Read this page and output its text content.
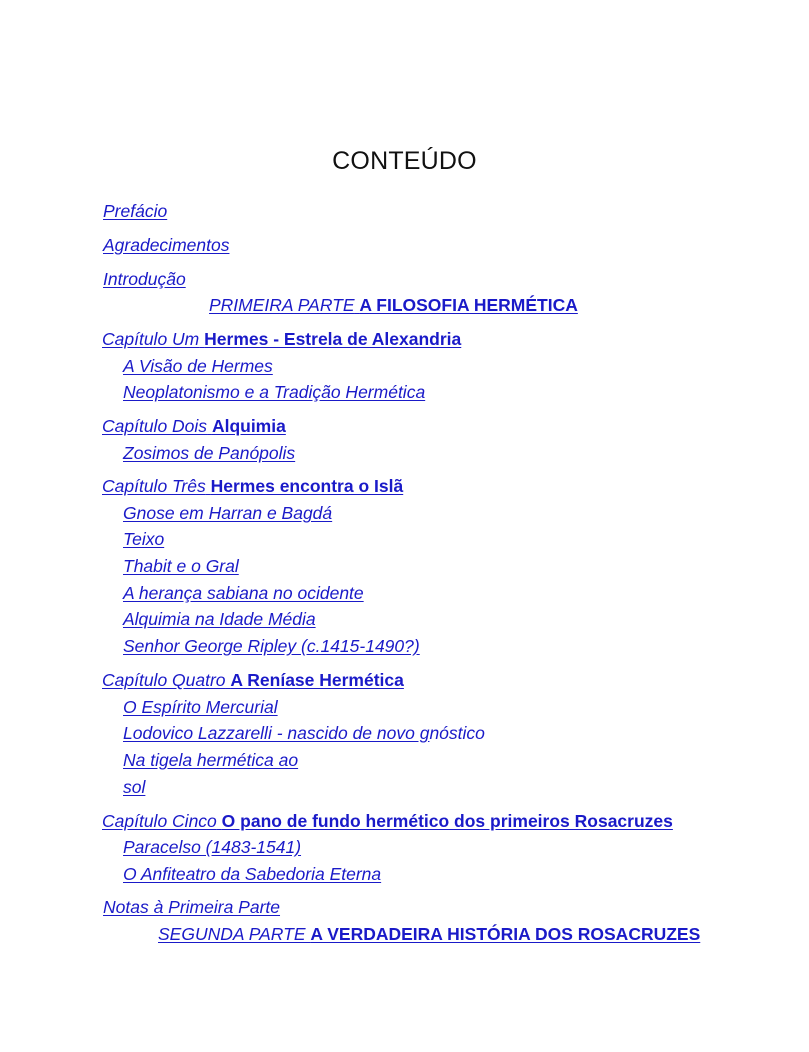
CONTEÚDO
Prefácio
Agradecimentos
Introdução
PRIMEIRA PARTE A FILOSOFIA HERMÉTICA
Capítulo Um Hermes - Estrela de Alexandria
A Visão de Hermes
Neoplatonismo e a Tradição Hermética
Capítulo Dois Alquimia
Zosimos de Panópolis
Capítulo Três Hermes encontra o Islã
Gnose em Harran e Bagdá
Teixo
Thabit e o Gral
A herança sabiana no ocidente
Alquimia na Idade Média
Senhor George Ripley (c.1415-1490?)
Capítulo Quatro A Reníase Hermética
O Espírito Mercurial
Lodovico Lazzarelli - nascido de novo gnóstico
Na tigela hermética ao
sol
Capítulo Cinco O pano de fundo hermético dos primeiros Rosacruzes
Paracelso (1483-1541)
O Anfiteatro da Sabedoria Eterna
Notas à Primeira Parte
SEGUNDA PARTE A VERDADEIRA HISTÓRIA DOS ROSACRUZES
